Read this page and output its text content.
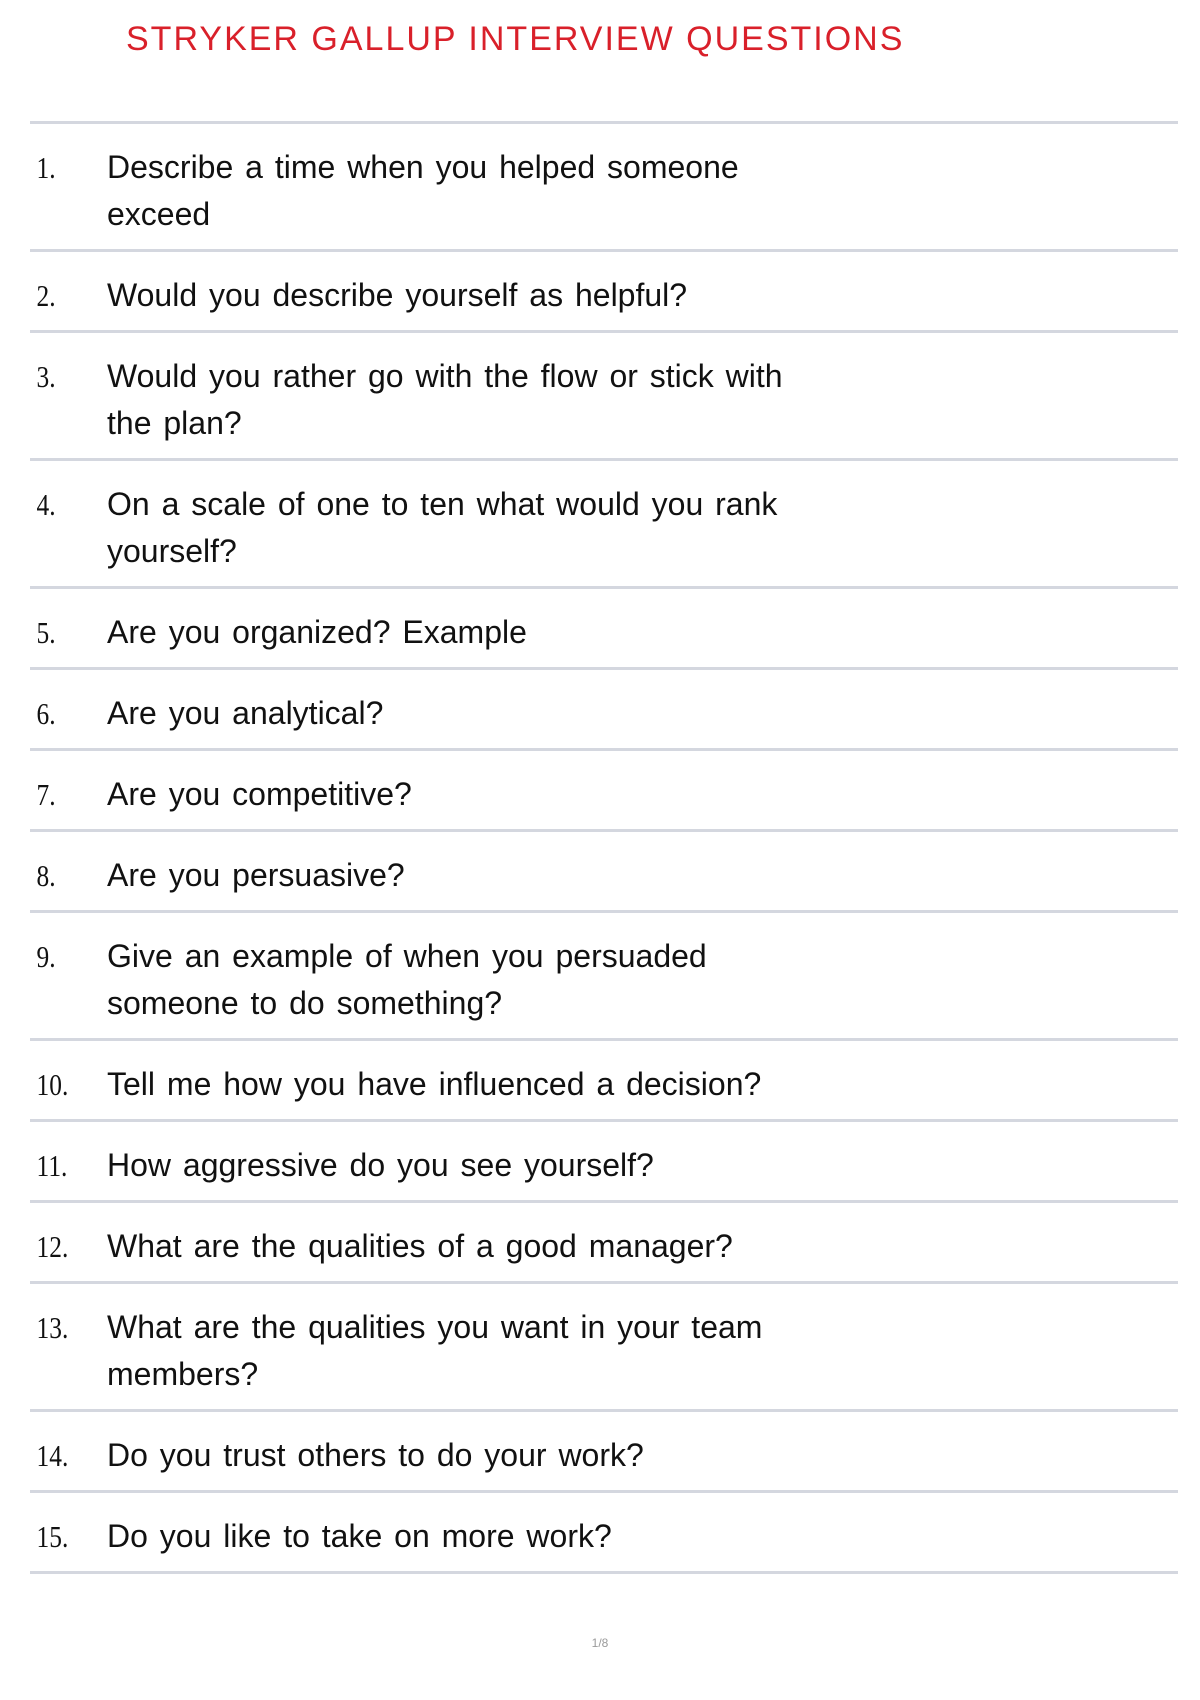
STRYKER GALLUP INTERVIEW QUESTIONS
1.	Describe a time when you helped someone exceed
2.	Would you describe yourself as helpful?
3.	Would you rather go with the flow or stick with the plan?
4.	On a scale of one to ten what would you rank yourself?
5.	Are you organized? Example
6.	Are you analytical?
7.	Are you competitive?
8.	Are you persuasive?
9.	Give an example of when you persuaded someone to do something?
10.	Tell me how you have influenced a decision?
11.	How aggressive do you see yourself?
12.	What are the qualities of a good manager?
13.	What are the qualities you want in your team members?
14.	Do you trust others to do your work?
15.	Do you like to take on more work?
1/8
